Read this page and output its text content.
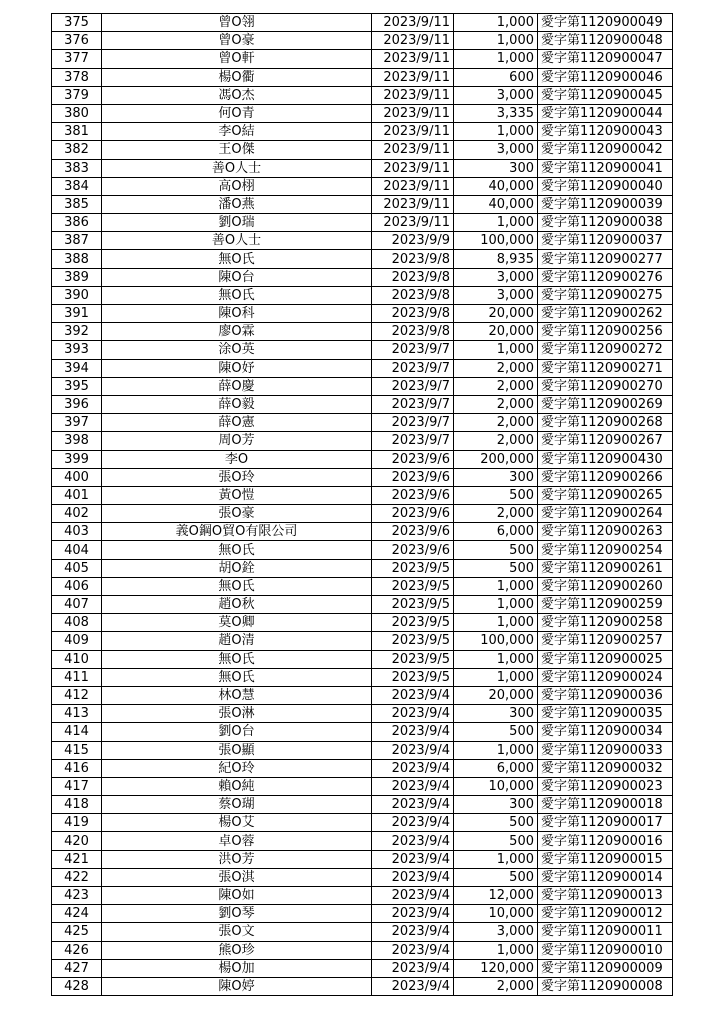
375	曾O翎	2023/9/11	1,000	愛字第1120900049
376	曾O豪	2023/9/11	1,000	愛字第1120900048
377	曾O軒	2023/9/11	1,000	愛字第1120900047
378	楊O衢	2023/9/11	600	愛字第1120900046
379	馮O杰	2023/9/11	3,000	愛字第1120900045
380	何O青	2023/9/11	3,335	愛字第1120900044
381	李O結	2023/9/11	1,000	愛字第1120900043
382	王O傑	2023/9/11	3,000	愛字第1120900042
383	善O人士	2023/9/11	300	愛字第1120900041
384	高O栩	2023/9/11	40,000	愛字第1120900040
385	潘O燕	2023/9/11	40,000	愛字第1120900039
386	劉O瑞	2023/9/11	1,000	愛字第1120900038
387	善O人士	2023/9/9	100,000	愛字第1120900037
388	無O氏	2023/9/8	8,935	愛字第1120900277
389	陳O台	2023/9/8	3,000	愛字第1120900276
390	無O氏	2023/9/8	3,000	愛字第1120900275
391	陳O科	2023/9/8	20,000	愛字第1120900262
392	廖O霖	2023/9/8	20,000	愛字第1120900256
393	涂O英	2023/9/7	1,000	愛字第1120900272
394	陳O妤	2023/9/7	2,000	愛字第1120900271
395	薛O慶	2023/9/7	2,000	愛字第1120900270
396	薛O毅	2023/9/7	2,000	愛字第1120900269
397	薛O憲	2023/9/7	2,000	愛字第1120900268
398	周O芳	2023/9/7	2,000	愛字第1120900267
399	李O	2023/9/6	200,000	愛字第1120900430
400	張O玲	2023/9/6	300	愛字第1120900266
401	黃O愷	2023/9/6	500	愛字第1120900265
402	張O豪	2023/9/6	2,000	愛字第1120900264
403	義O鋼O貿O有限公司	2023/9/6	6,000	愛字第1120900263
404	無O氏	2023/9/6	500	愛字第1120900254
405	胡O銓	2023/9/5	500	愛字第1120900261
406	無O氏	2023/9/5	1,000	愛字第1120900260
407	趙O秋	2023/9/5	1,000	愛字第1120900259
408	莫O卿	2023/9/5	1,000	愛字第1120900258
409	趙O清	2023/9/5	100,000	愛字第1120900257
410	無O氏	2023/9/5	1,000	愛字第1120900025
411	無O氏	2023/9/5	1,000	愛字第1120900024
412	林O慧	2023/9/4	20,000	愛字第1120900036
413	張O淋	2023/9/4	300	愛字第1120900035
414	劉O台	2023/9/4	500	愛字第1120900034
415	張O顯	2023/9/4	1,000	愛字第1120900033
416	紀O玲	2023/9/4	6,000	愛字第1120900032
417	賴O純	2023/9/4	10,000	愛字第1120900023
418	蔡O瑚	2023/9/4	300	愛字第1120900018
419	楊O艾	2023/9/4	500	愛字第1120900017
420	卓O蓉	2023/9/4	500	愛字第1120900016
421	洪O芳	2023/9/4	1,000	愛字第1120900015
422	張O淇	2023/9/4	500	愛字第1120900014
423	陳O如	2023/9/4	12,000	愛字第1120900013
424	劉O琴	2023/9/4	10,000	愛字第1120900012
425	張O文	2023/9/4	3,000	愛字第1120900011
426	熊O珍	2023/9/4	1,000	愛字第1120900010
427	楊O加	2023/9/4	120,000	愛字第1120900009
428	陳O婷	2023/9/4	2,000	愛字第1120900008
